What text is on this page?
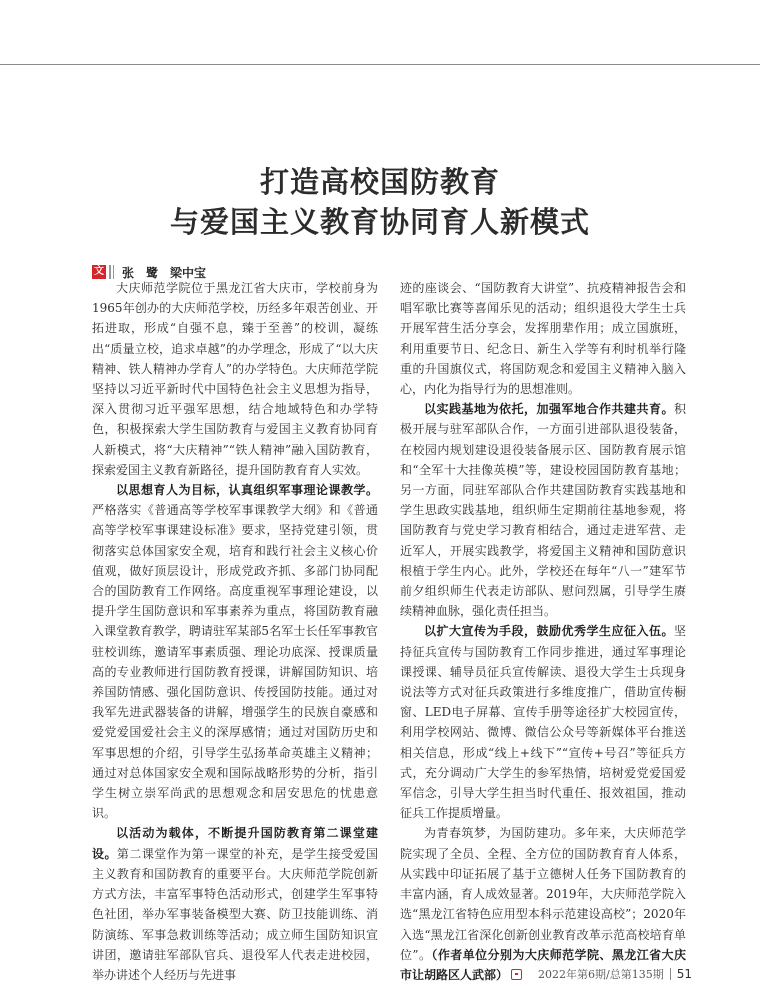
打造高校国防教育
与爱国主义教育协同育人新模式
文 张　鹭　梁中宝

大庆师范学院位于黑龙江省大庆市，学校前身为1965年创办的大庆师范学校，历经多年艰苦创业、开拓进取，形成“自强不息，臻于至善”的校训，凝练出“质量立校，追求卓越”的办学理念，形成了“以大庆精神、铁人精神办学育人”的办学特色。大庆师范学院坚持以习近平新时代中国特色社会主义思想为指导，深入贯彻习近平强军思想，结合地域特色和办学特色，积极探索大学生国防教育与爱国主义教育协同育人新模式，将“大庆精神”“铁人精神”融入国防教育，探索爱国主义教育新路径，提升国防教育育人实效。

以思想育人为目标，认真组织军事理论课教学。严格落实《普通高等学校军事课教学大纲》和《普通高等学校军事课建设标准》要求，坚持党建引领，贯彻落实总体国家安全观，培育和践行社会主义核心价值观，做好顶层设计，形成党政齐抓、多部门协同配合的国防教育工作网络。高度重视军事理论建设，以提升学生国防意识和军事素养为重点，将国防教育融入课堂教育教学，聘请驻军某部5名军士长任军事教官驻校训练，邀请军事素质强、理论功底深、授课质量高的专业教师进行国防教育授课，讲解国防知识、培养国防情感、强化国防意识、传授国防技能。通过对我军先进武器装备的讲解，增强学生的民族自豪感和爱党爱国爱社会主义的深厚感情；通过对国防历史和军事思想的介绍，引导学生弘扬革命英雄主义精神；通过对总体国家安全观和国际战略形势的分析，指引学生树立崇军尚武的思想观念和居安思危的忧患意识。

以活动为载体，不断提升国防教育第二课堂建设。第二课堂作为第一课堂的补充，是学生接受爱国主义教育和国防教育的重要平台。大庆师范学院创新方式方法，丰富军事特色活动形式，创建学生军事特色社团，举办军事装备模型大赛、防卫技能训练、消防演练、军事急救训练等活动；成立师生国防知识宣讲团，邀请驻军部队官兵、退役军人代表走进校园，举办讲述个人经历与先进事

迹的座谈会、“国防教育大讲堂”、抗疫精神报告会和唱军歌比赛等喜闻乐见的活动；组织退役大学生士兵开展军营生活分享会，发挥朋辈作用；成立国旗班，利用重要节日、纪念日、新生入学等有利时机举行隆重的升国旗仪式，将国防观念和爱国主义精神入脑入心，内化为指导行为的思想准则。

以实践基地为依托，加强军地合作共建共育。积极开展与驻军部队合作，一方面引进部队退役装备，在校园内规划建设退役装备展示区、国防教育展示馆和“全军十大挂像英模”等，建设校园国防教育基地；另一方面，同驻军部队合作共建国防教育实践基地和学生思政实践基地，组织师生定期前往基地参观，将国防教育与党史学习教育相结合，通过走进军营、走近军人，开展实践教学，将爱国主义精神和国防意识根植于学生内心。此外，学校还在每年“八一”建军节前夕组织师生代表走访部队、慰问烈属，引导学生赓续精神血脉，强化责任担当。

以扩大宣传为手段，鼓励优秀学生应征入伍。坚持征兵宣传与国防教育工作同步推进，通过军事理论课授课、辅导员征兵宣传解读、退役大学生士兵现身说法等方式对征兵政策进行多维度推广，借助宣传橱窗、LED电子屏幕、宣传手册等途径扩大校园宣传，利用学校网站、微博、微信公众号等新媒体平台推送相关信息，形成“线上+线下”“宣传+号召”等征兵方式，充分调动广大学生的参军热情，培树爱党爱国爱军信念，引导大学生担当时代重任、报效祖国，推动征兵工作提质增量。

为青春筑梦，为国防建功。多年来，大庆师范学院实现了全员、全程、全方位的国防教育育人体系，从实践中印证拓展了基于立德树人任务下国防教育的丰富内涵，育人成效显著。2019年，大庆师范学院入选“黑龙江省特色应用型本科示范建设高校”；2020年入选“黑龙江省深化创新创业教育改革示范高校培育单位”。（作者单位分别为大庆师范学院、黑龙江省大庆市让胡路区人武部）	2022年第6期/总第135期 51
